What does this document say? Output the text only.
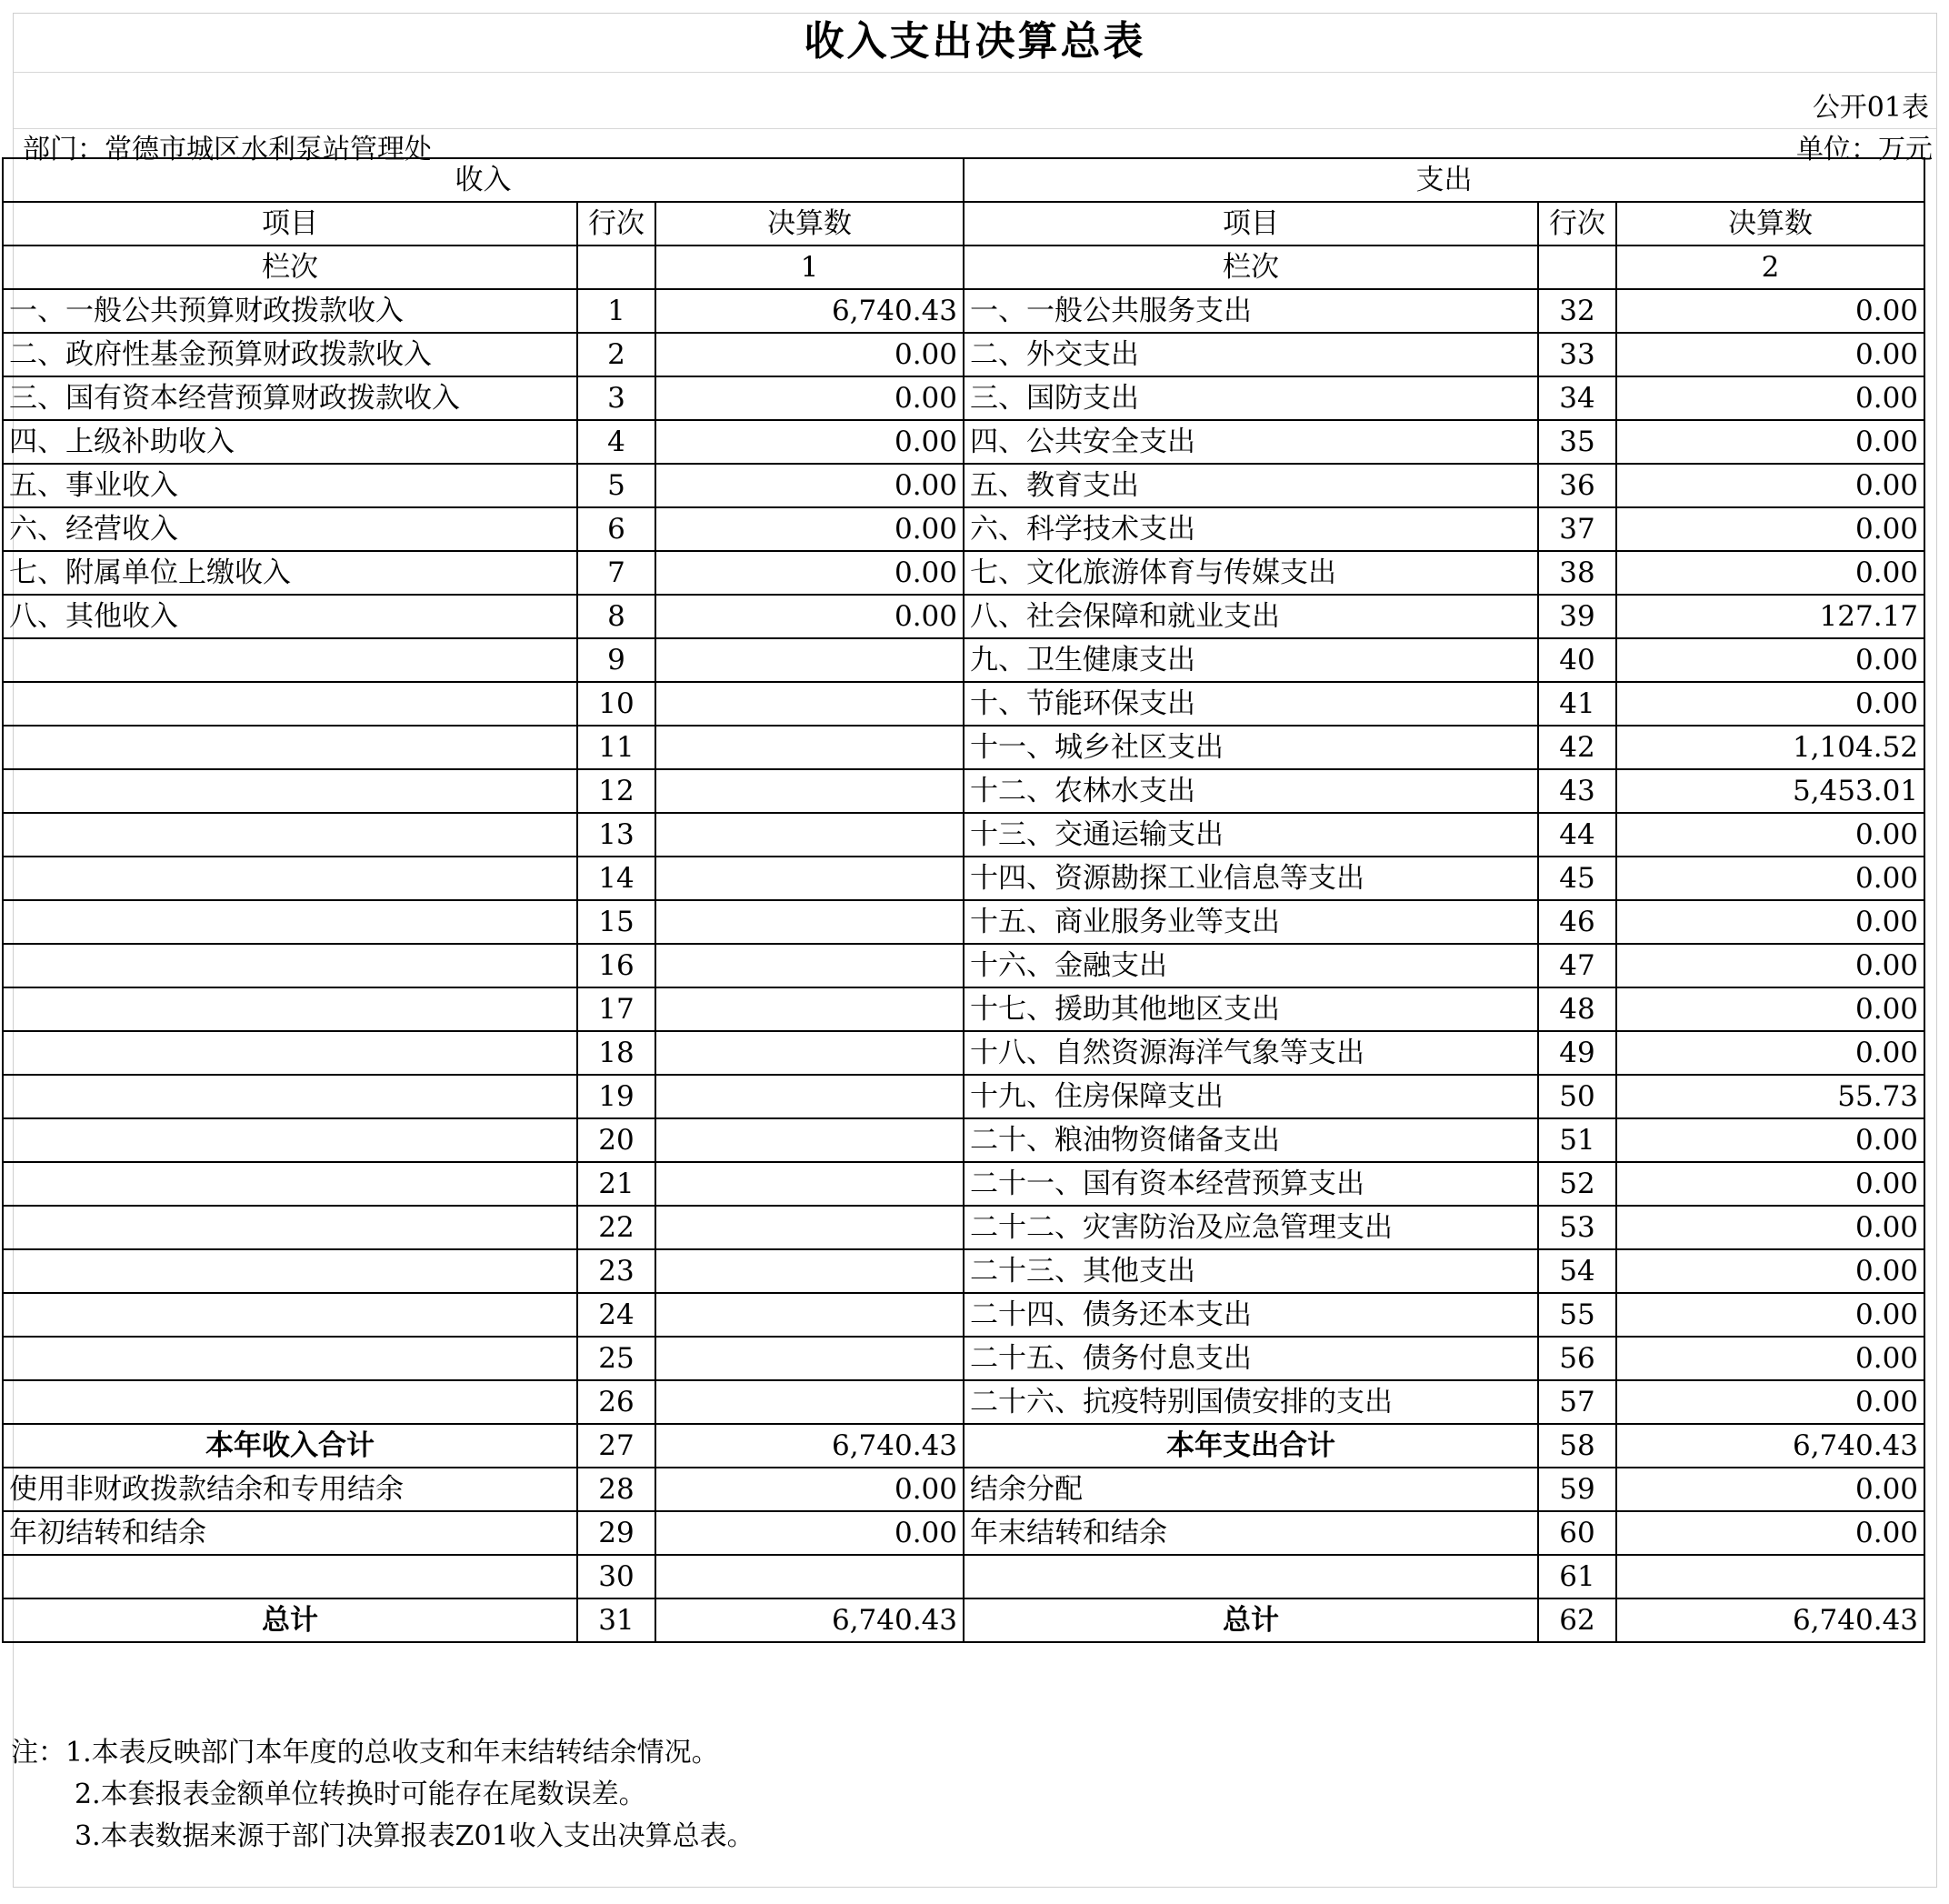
收入支出决算总表
公开01表
部门：常德市城区水利泵站管理处	单位：万元
收入			支出		
项目	行次	决算数	项目	行次	决算数
栏次		1	栏次		2
一、一般公共预算财政拨款收入	1	6,740.43	一、一般公共服务支出	32	0.00
二、政府性基金预算财政拨款收入	2	0.00	二、外交支出	33	0.00
三、国有资本经营预算财政拨款收入	3	0.00	三、国防支出	34	0.00
四、上级补助收入	4	0.00	四、公共安全支出	35	0.00
五、事业收入	5	0.00	五、教育支出	36	0.00
六、经营收入	6	0.00	六、科学技术支出	37	0.00
七、附属单位上缴收入	7	0.00	七、文化旅游体育与传媒支出	38	0.00
八、其他收入	8	0.00	八、社会保障和就业支出	39	127.17
	9		九、卫生健康支出	40	0.00
	10		十、节能环保支出	41	0.00
	11		十一、城乡社区支出	42	1,104.52
	12		十二、农林水支出	43	5,453.01
	13		十三、交通运输支出	44	0.00
	14		十四、资源勘探工业信息等支出	45	0.00
	15		十五、商业服务业等支出	46	0.00
	16		十六、金融支出	47	0.00
	17		十七、援助其他地区支出	48	0.00
	18		十八、自然资源海洋气象等支出	49	0.00
	19		十九、住房保障支出	50	55.73
	20		二十、粮油物资储备支出	51	0.00
	21		二十一、国有资本经营预算支出	52	0.00
	22		二十二、灾害防治及应急管理支出	53	0.00
	23		二十三、其他支出	54	0.00
	24		二十四、债务还本支出	55	0.00
	25		二十五、债务付息支出	56	0.00
	26		二十六、抗疫特别国债安排的支出	57	0.00
本年收入合计	27	6,740.43	本年支出合计	58	6,740.43
使用非财政拨款结余和专用结余	28	0.00	结余分配	59	0.00
年初结转和结余	29	0.00	年末结转和结余	60	0.00
	30			61	
总计	31	6,740.43	总计	62	6,740.43
注：1.本表反映部门本年度的总收支和年末结转结余情况。
2.本套报表金额单位转换时可能存在尾数误差。
3.本表数据来源于部门决算报表Z01收入支出决算总表。
